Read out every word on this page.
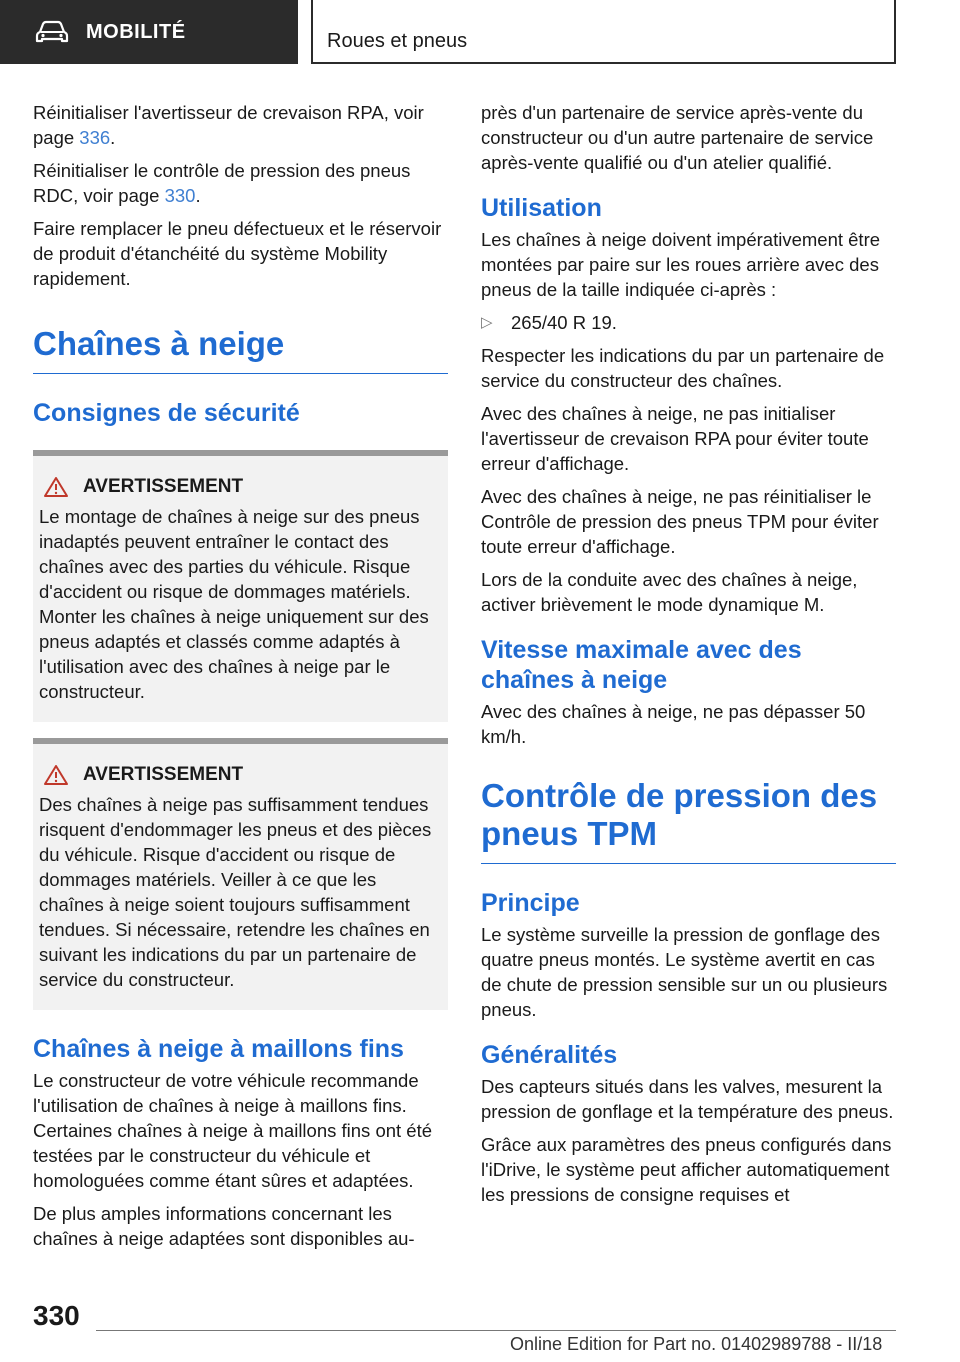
MOBILITÉ	Roues et pneus

Réinitialiser l'avertisseur de crevaison RPA, voir page 336.

Réinitialiser le contrôle de pression des pneus RDC, voir page 330.

Faire remplacer le pneu défectueux et le réservoir de produit d'étanchéité du système Mobility rapidement.

Chaînes à neige
Consignes de sécurité
AVERTISSEMENT

Le montage de chaînes à neige sur des pneus inadaptés peuvent entraîner le contact des chaînes avec des parties du véhicule. Risque d'accident ou risque de dommages matériels. Monter les chaînes à neige uniquement sur des pneus adaptés et classés comme adaptés à l'utilisation avec des chaînes à neige par le constructeur.

AVERTISSEMENT

Des chaînes à neige pas suffisamment tendues risquent d'endommager les pneus et des pièces du véhicule. Risque d'accident ou risque de dommages matériels. Veiller à ce que les chaînes à neige soient toujours suffisamment tendues. Si nécessaire, retendre les chaînes en suivant les indications du par un partenaire de service du constructeur.

Chaînes à neige à maillons fins

Le constructeur de votre véhicule recommande l'utilisation de chaînes à neige à maillons fins. Certaines chaînes à neige à maillons fins ont été testées par le constructeur du véhicule et homologuées comme étant sûres et adaptées.

De plus amples informations concernant les chaînes à neige adaptées sont disponibles au-

près d'un partenaire de service après-vente du constructeur ou d'un autre partenaire de service après-vente qualifié ou d'un atelier qualifié.

Utilisation

Les chaînes à neige doivent impérativement être montées par paire sur les roues arrière avec des pneus de la taille indiquée ci-après :

▷ 265/40 R 19.

Respecter les indications du par un partenaire de service du constructeur des chaînes.

Avec des chaînes à neige, ne pas initialiser l'avertisseur de crevaison RPA pour éviter toute erreur d'affichage.

Avec des chaînes à neige, ne pas réinitialiser le Contrôle de pression des pneus TPM pour éviter toute erreur d'affichage.

Lors de la conduite avec des chaînes à neige, activer brièvement le mode dynamique M.

Vitesse maximale avec des chaînes à neige

Avec des chaînes à neige, ne pas dépasser 50 km/h.

Contrôle de pression des pneus TPM
Principe

Le système surveille la pression de gonflage des quatre pneus montés. Le système avertit en cas de chute de pression sensible sur un ou plusieurs pneus.

Généralités

Des capteurs situés dans les valves, mesurent la pression de gonflage et la température des pneus.

Grâce aux paramètres des pneus configurés dans l'iDrive, le système peut afficher automatiquement les pressions de consigne requises et

330
Online Edition for Part no. 01402989788 - II/18
